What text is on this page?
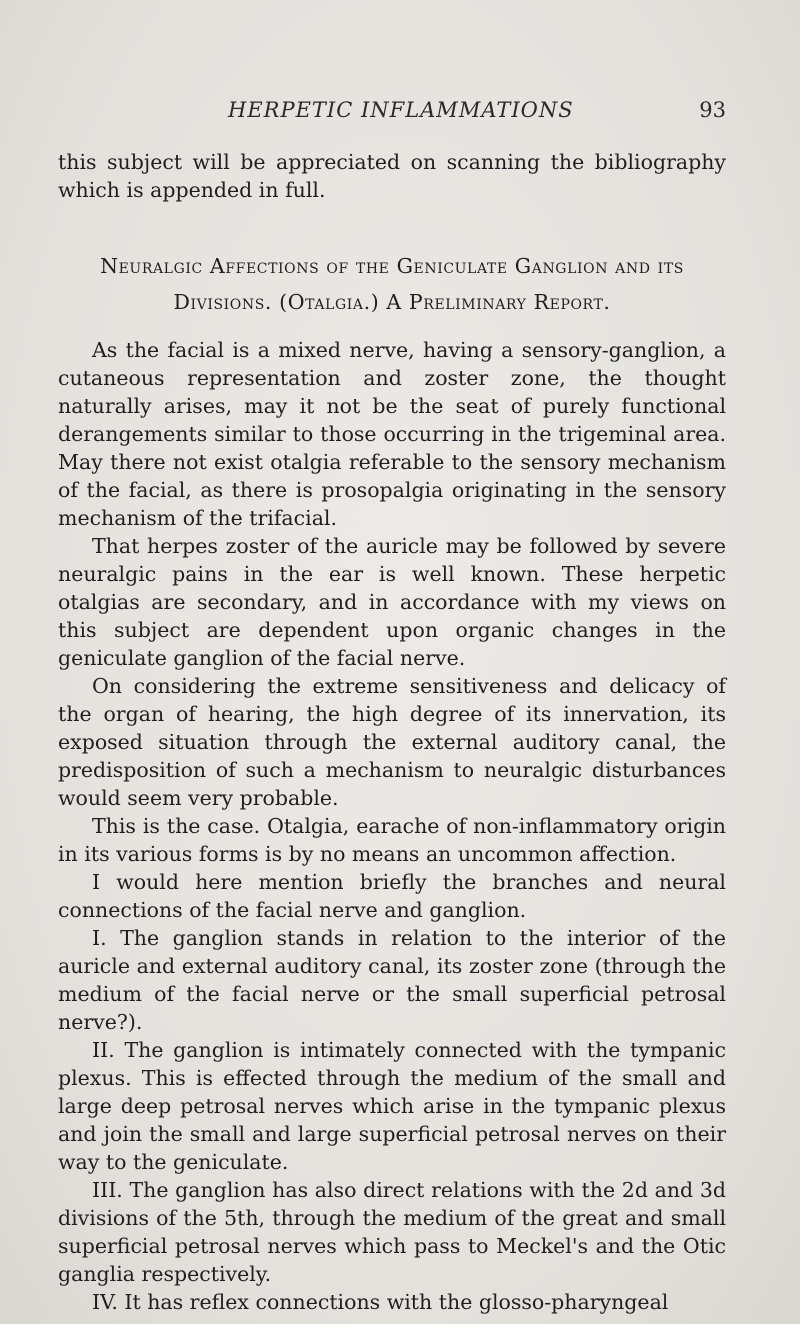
HERPETIC INFLAMMATIONS	93

this subject will be appreciated on scanning the bibliography which is appended in full.

Neuralgic Affections of the Geniculate Ganglion and its
Divisions. (Otalgia.) A Preliminary Report.

As the facial is a mixed nerve, having a sensory-ganglion, a cutaneous representation and zoster zone, the thought naturally arises, may it not be the seat of purely functional derangements similar to those occurring in the trigeminal area. May there not exist otalgia referable to the sensory mechanism of the facial, as there is prosopalgia originating in the sensory mechanism of the trifacial.

That herpes zoster of the auricle may be followed by severe neuralgic pains in the ear is well known. These herpetic otalgias are secondary, and in accordance with my views on this subject are dependent upon organic changes in the geniculate ganglion of the facial nerve.

On considering the extreme sensitiveness and delicacy of the organ of hearing, the high degree of its innervation, its exposed situation through the external auditory canal, the predisposition of such a mechanism to neuralgic disturbances would seem very probable.

This is the case. Otalgia, earache of non-inflammatory origin in its various forms is by no means an uncommon affection.

I would here mention briefly the branches and neural connections of the facial nerve and ganglion.

I. The ganglion stands in relation to the interior of the auricle and external auditory canal, its zoster zone (through the medium of the facial nerve or the small superficial petrosal nerve?).

II. The ganglion is intimately connected with the tympanic plexus. This is effected through the medium of the small and large deep petrosal nerves which arise in the tympanic plexus and join the small and large superficial petrosal nerves on their way to the geniculate.

III. The ganglion has also direct relations with the 2d and 3d divisions of the 5th, through the medium of the great and small superficial petrosal nerves which pass to Meckel's and the Otic ganglia respectively.

IV. It has reflex connections with the glosso-pharyngeal
